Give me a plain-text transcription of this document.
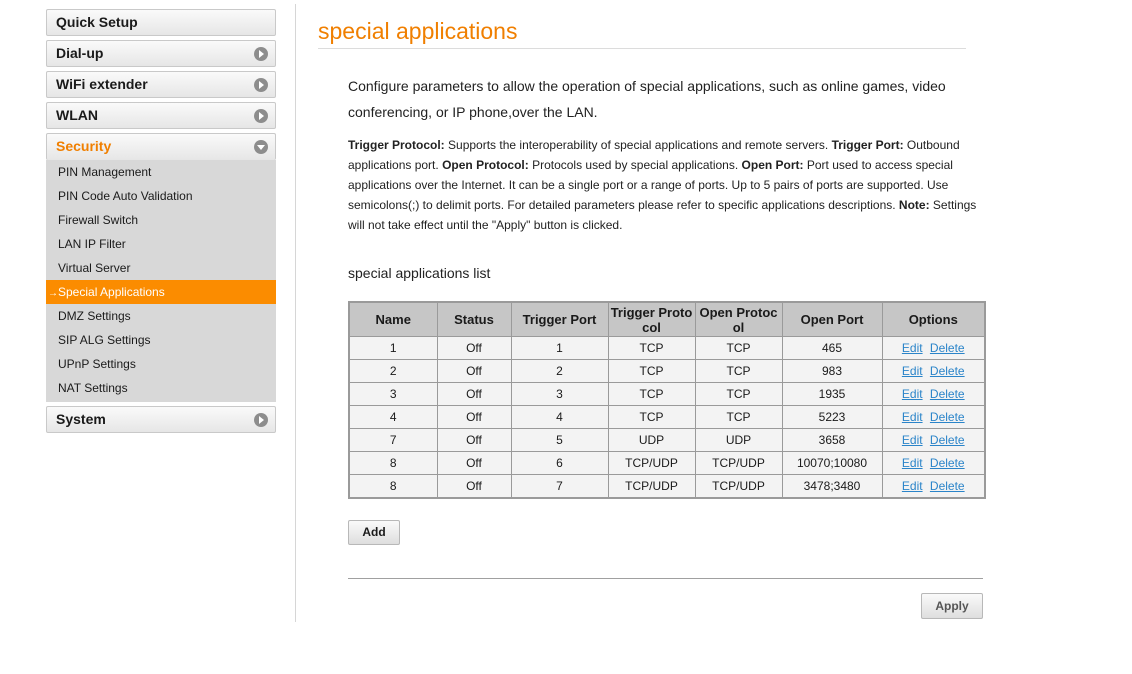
Quick Setup
Dial-up
WiFi extender
WLAN
Security
PIN Management
PIN Code Auto Validation
Firewall Switch
LAN IP Filter
Virtual Server
→Special Applications
DMZ Settings
SIP ALG Settings
UPnP Settings
NAT Settings
System
special applications

Configure parameters to allow the operation of special applications, such as online games, video conferencing, or IP phone,over the LAN.

Trigger Protocol: Supports the interoperability of special applications and remote servers. Trigger Port: Outbound applications port. Open Protocol: Protocols used by special applications. Open Port: Port used to access special applications over the Internet. It can be a single port or a range of ports. Up to 5 pairs of ports are supported. Use semicolons(;) to delimit ports. For detailed parameters please refer to specific applications descriptions. Note: Settings will not take effect until the "Apply" button is clicked.

special applications list
Name	Status	Trigger Port	Trigger Proto col	Open Protoc ol	Open Port	Options
1	Off	1	TCP	TCP	465	Edit Delete
2	Off	2	TCP	TCP	983	Edit Delete
3	Off	3	TCP	TCP	1935	Edit Delete
4	Off	4	TCP	TCP	5223	Edit Delete
7	Off	5	UDP	UDP	3658	Edit Delete
8	Off	6	TCP/UDP	TCP/UDP	10070;10080	Edit Delete
8	Off	7	TCP/UDP	TCP/UDP	3478;3480	Edit Delete
Add
Apply
